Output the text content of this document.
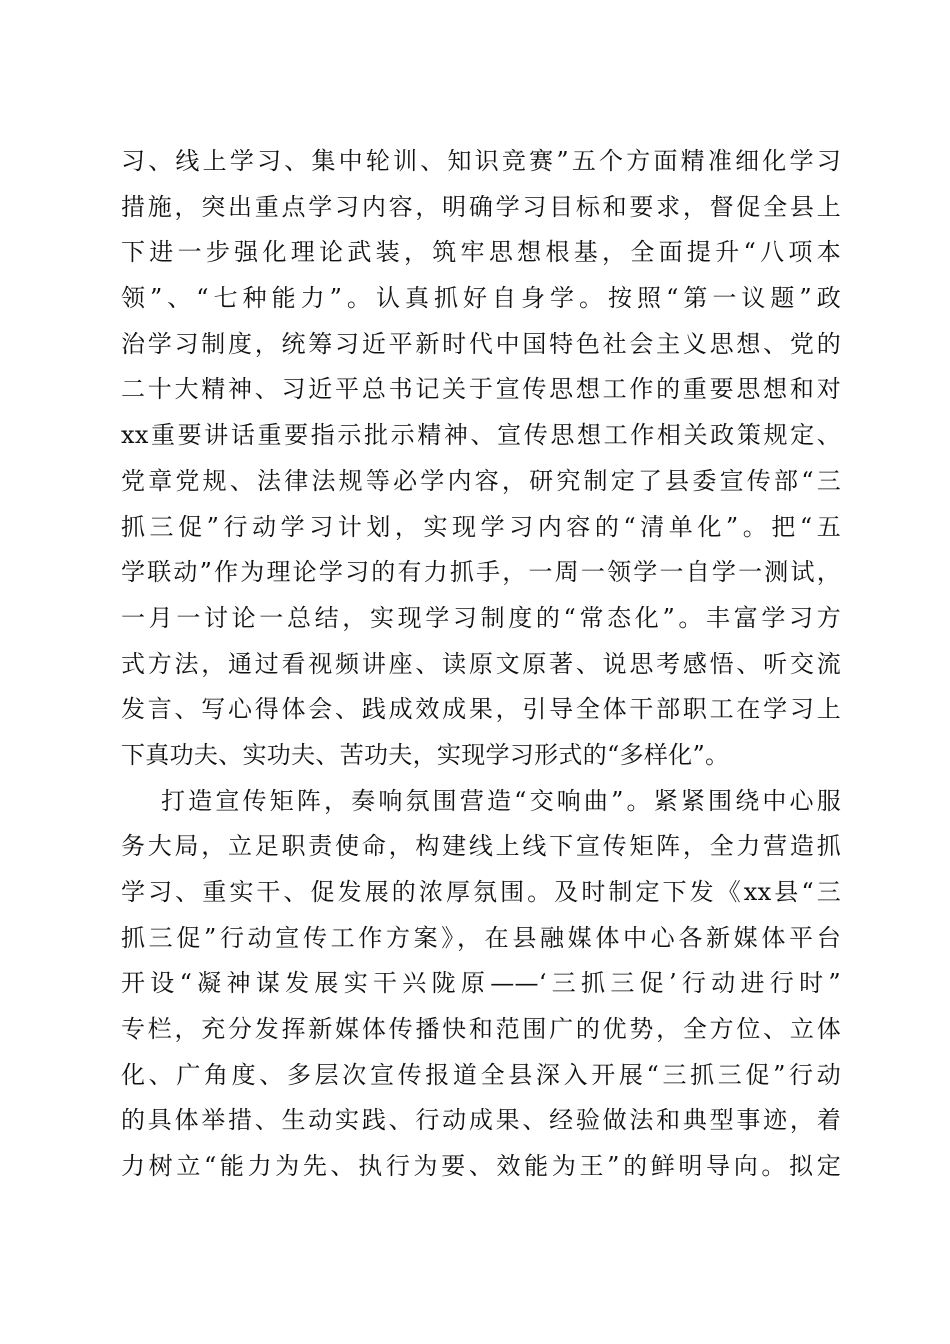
习、线上学习、集中轮训、知识竞赛”五个方面精准细化学习
措施，突出重点学习内容，明确学习目标和要求，督促全县上
下进一步强化理论武装，筑牢思想根基，全面提升“八项本
领”、“七种能力”。认真抓好自身学。按照“第一议题”政
治学习制度，统筹习近平新时代中国特色社会主义思想、党的
二十大精神、习近平总书记关于宣传思想工作的重要思想和对
xx重要讲话重要指示批示精神、宣传思想工作相关政策规定、
党章党规、法律法规等必学内容，研究制定了县委宣传部“三
抓三促”行动学习计划，实现学习内容的“清单化”。把“五
学联动”作为理论学习的有力抓手，一周一领学一自学一测试，
一月一讨论一总结，实现学习制度的“常态化”。丰富学习方
式方法，通过看视频讲座、读原文原著、说思考感悟、听交流
发言、写心得体会、践成效成果，引导全体干部职工在学习上
下真功夫、实功夫、苦功夫，实现学习形式的“多样化”。
打造宣传矩阵，奏响氛围营造“交响曲”。紧紧围绕中心服
务大局，立足职责使命，构建线上线下宣传矩阵，全力营造抓
学习、重实干、促发展的浓厚氛围。及时制定下发《xx县“三
抓三促”行动宣传工作方案》，在县融媒体中心各新媒体平台
开设“凝神谋发展实干兴陇原——‘三抓三促’行动进行时”
专栏，充分发挥新媒体传播快和范围广的优势，全方位、立体
化、广角度、多层次宣传报道全县深入开展“三抓三促”行动
的具体举措、生动实践、行动成果、经验做法和典型事迹，着
力树立“能力为先、执行为要、效能为王”的鲜明导向。拟定
